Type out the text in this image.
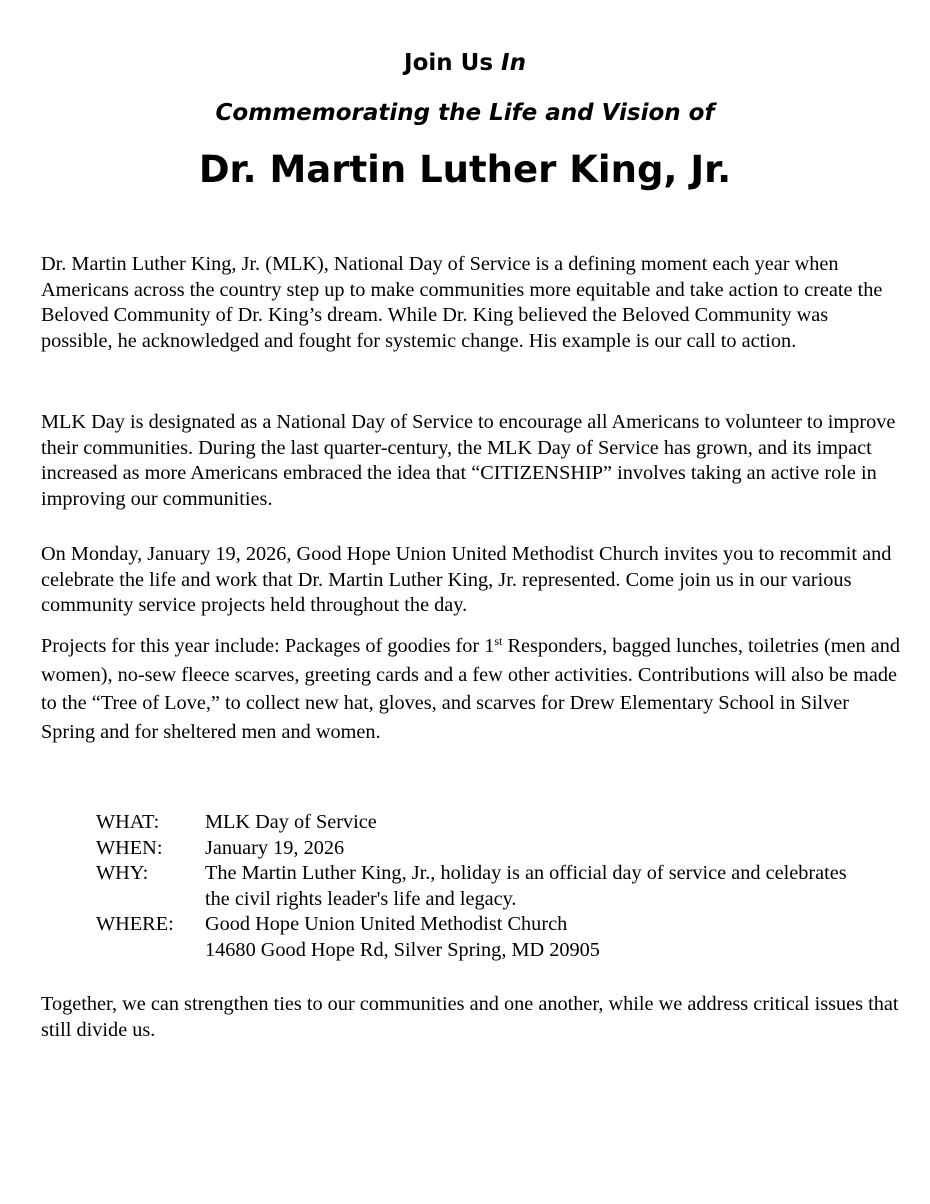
Join Us In
Commemorating the Life and Vision of
Dr. Martin Luther King, Jr.

Dr. Martin Luther King, Jr. (MLK), National Day of Service is a defining moment each year when Americans across the country step up to make communities more equitable and take action to create the Beloved Community of Dr. King’s dream. While Dr. King believed the Beloved Community was possible, he acknowledged and fought for systemic change. His example is our call to action.

MLK Day is designated as a National Day of Service to encourage all Americans to volunteer to improve their communities. During the last quarter-century, the MLK Day of Service has grown, and its impact increased as more Americans embraced the idea that “CITIZENSHIP” involves taking an active role in improving our communities.

On Monday, January 19, 2026, Good Hope Union United Methodist Church invites you to recommit and celebrate the life and work that Dr. Martin Luther King, Jr. represented. Come join us in our various community service projects held throughout the day.

Projects for this year include: Packages of goodies for 1st Responders, bagged lunches, toiletries (men and women), no-sew fleece scarves, greeting cards and a few other activities. Contributions will also be made to the “Tree of Love,” to collect new hat, gloves, and scarves for Drew Elementary School in Silver Spring and for sheltered men and women.

WHAT:	MLK Day of Service
WHEN:	January 19, 2026
WHY:	The Martin Luther King, Jr., holiday is an official day of service and celebrates the civil rights leader's life and legacy.
WHERE:	Good Hope Union United Methodist Church
14680 Good Hope Rd, Silver Spring, MD 20905

Together, we can strengthen ties to our communities and one another, while we address critical issues that still divide us.
